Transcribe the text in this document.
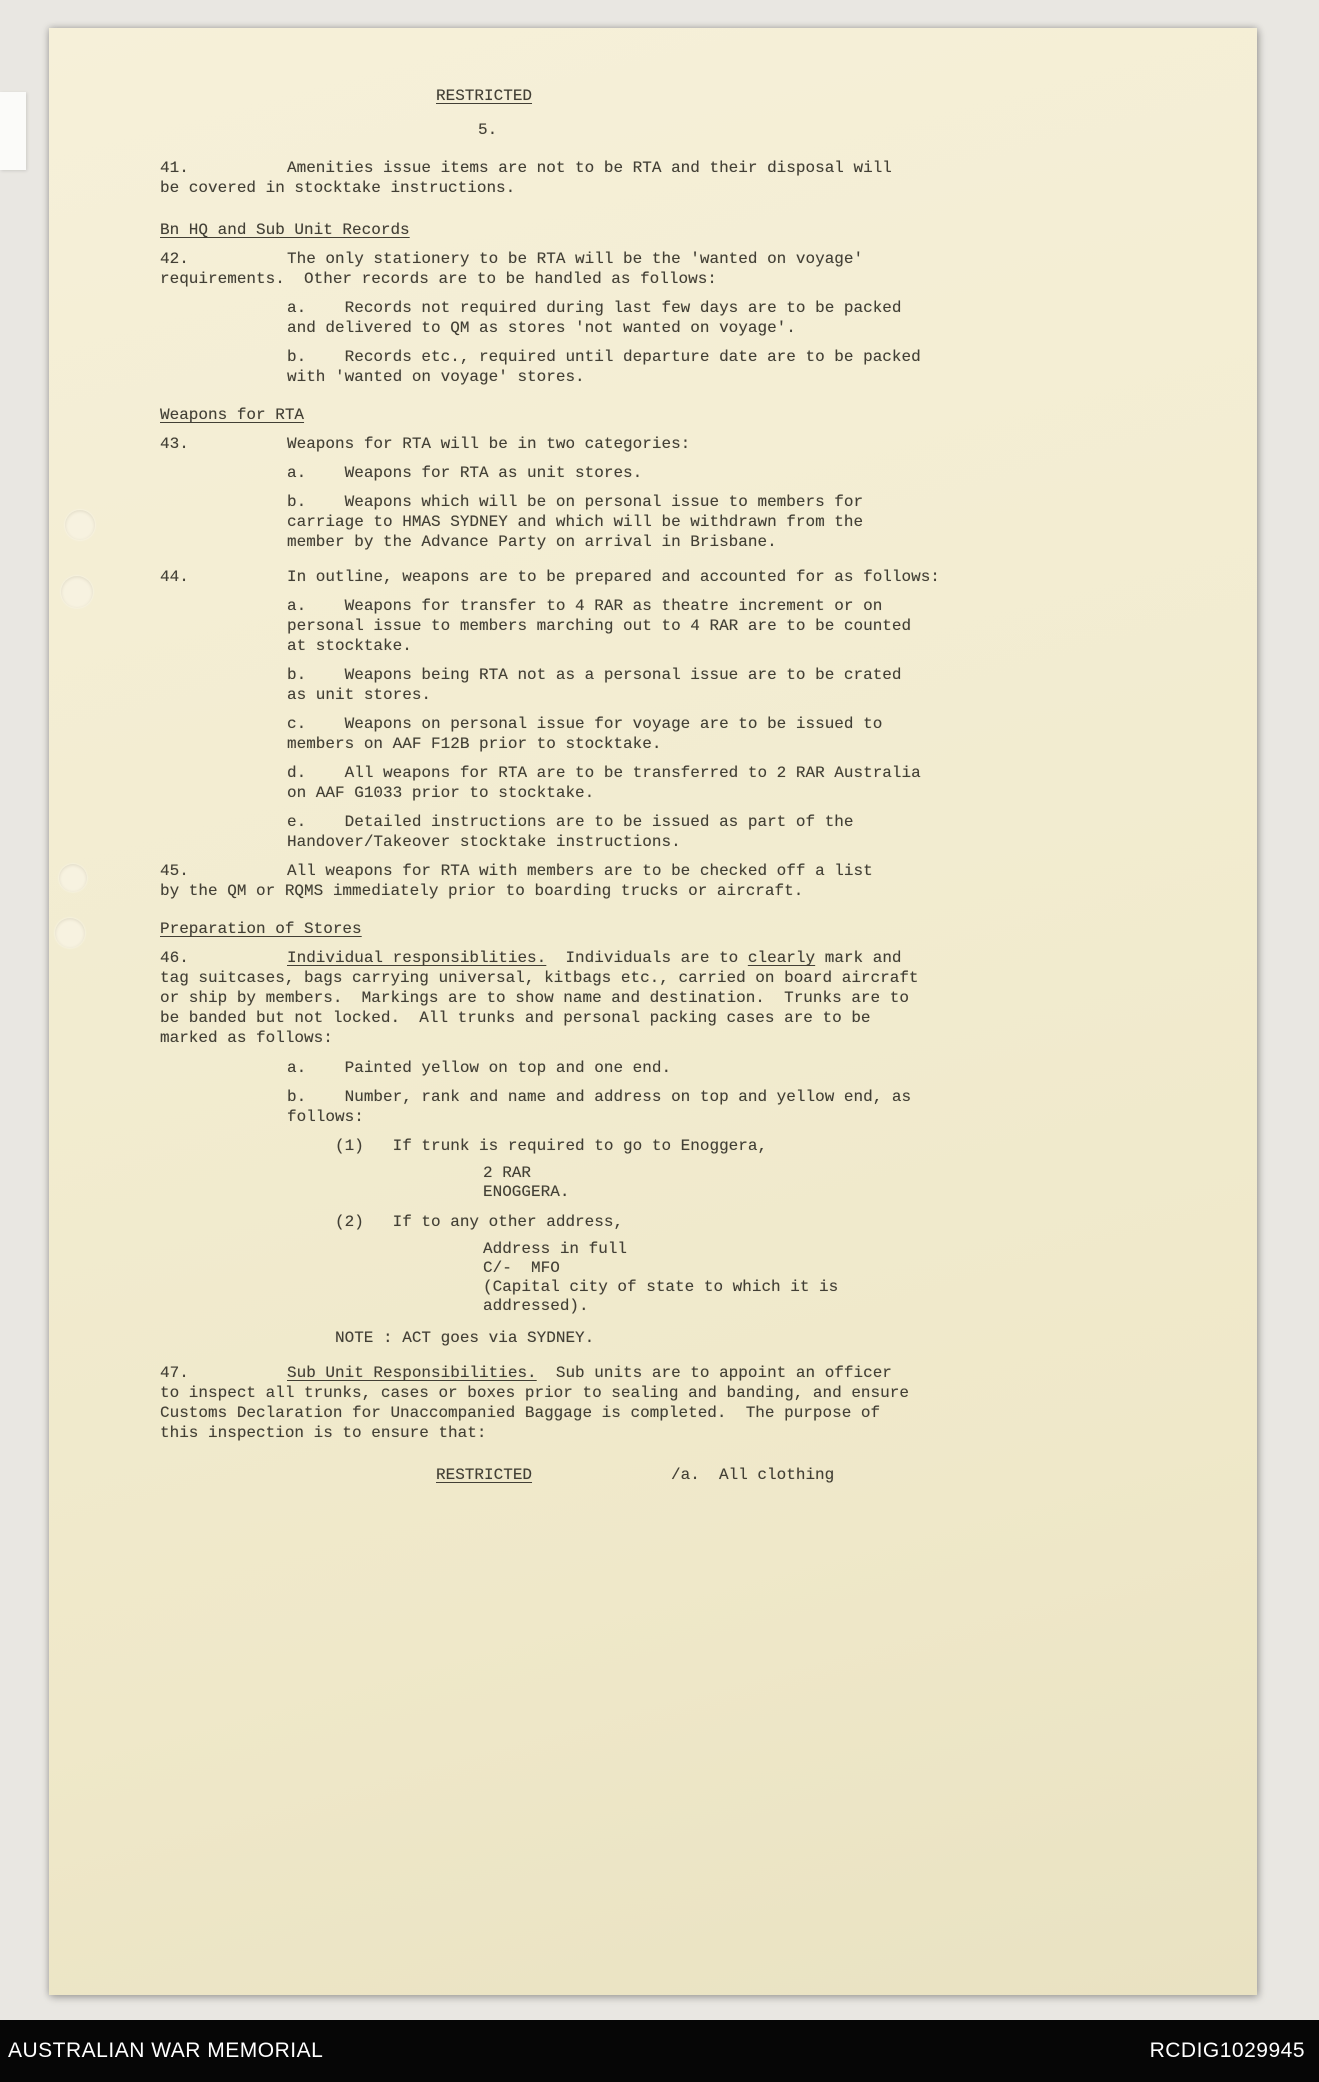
RESTRICTED
5.
41.	Amenities issue items are not to be RTA and their disposal will be covered in stocktake instructions.
Bn HQ and Sub Unit Records
42.	The only stationery to be RTA will be the 'wanted on voyage' requirements.  Other records are to be handled as follows:
a.    Records not required during last few days are to be packed and delivered to QM as stores 'not wanted on voyage'.
b.    Records etc., required until departure date are to be packed with 'wanted on voyage' stores.
Weapons for RTA
43.	Weapons for RTA will be in two categories:
a.    Weapons for RTA as unit stores.
b.    Weapons which will be on personal issue to members for carriage to HMAS SYDNEY and which will be withdrawn from the member by the Advance Party on arrival in Brisbane.
44.	In outline, weapons are to be prepared and accounted for as follows:
a.    Weapons for transfer to 4 RAR as theatre increment or on personal issue to members marching out to 4 RAR are to be counted at stocktake.
b.    Weapons being RTA not as a personal issue are to be crated as unit stores.
c.    Weapons on personal issue for voyage are to be issued to members on AAF F12B prior to stocktake.
d.    All weapons for RTA are to be transferred to 2 RAR Australia on AAF G1033 prior to stocktake.
e.    Detailed instructions are to be issued as part of the Handover/Takeover stocktake instructions.
45.	All weapons for RTA with members are to be checked off a list by the QM or RQMS immediately prior to boarding trucks or aircraft.
Preparation of Stores
46.	Individual responsiblities.  Individuals are to clearly mark and tag suitcases, bags carrying universal, kitbags etc., carried on board aircraft or ship by members.  Markings are to show name and destination.  Trunks are to be banded but not locked.  All trunks and personal packing cases are to be marked as follows:
a.    Painted yellow on top and one end.
b.    Number, rank and name and address on top and yellow end, as follows:
(1)   If trunk is required to go to Enoggera,
2 RAR
ENOGGERA.
(2)   If to any other address,
Address in full
C/-  MFO
(Capital city of state to which it is addressed).
NOTE : ACT goes via SYDNEY.
47.	Sub Unit Responsibilities.  Sub units are to appoint an officer to inspect all trunks, cases or boxes prior to sealing and banding, and ensure Customs Declaration for Unaccompanied Baggage is completed.  The purpose of this inspection is to ensure that:
RESTRICTED	/a.  All clothing
AUSTRALIAN WAR MEMORIAL	RCDIG1029945
